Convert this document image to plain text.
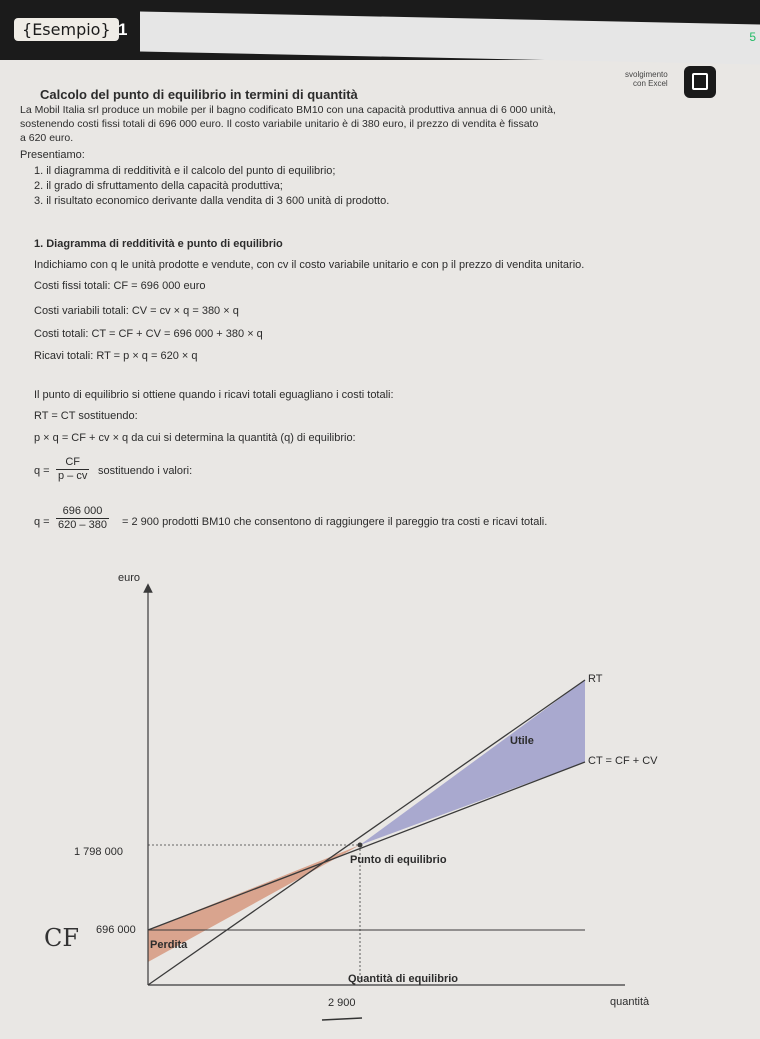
{Esempio} 1	5
svolgimento
con Excel
Calcolo del punto di equilibrio in termini di quantità
La Mobil Italia srl produce un mobile per il bagno codificato BM10 con una capacità produttiva annua di 6 000 unità,
sostenendo costi fissi totali di 696 000 euro. Il costo variabile unitario è di 380 euro, il prezzo di vendita è fissato
a 620 euro.
Presentiamo:
1. il diagramma di redditività e il calcolo del punto di equilibrio;
2. il grado di sfruttamento della capacità produttiva;
3. il risultato economico derivante dalla vendita di 3 600 unità di prodotto.
1. Diagramma di redditività e punto di equilibrio
Indichiamo con q le unità prodotte e vendute, con cv il costo variabile unitario e con p il prezzo di vendita unitario.
Costi fissi totali: CF = 696 000 euro
Costi variabili totali: CV = cv × q = 380 × q
Costi totali: CT = CF + CV = 696 000 + 380 × q
Ricavi totali: RT = p × q = 620 × q
Il punto di equilibrio si ottiene quando i ricavi totali eguagliano i costi totali:
RT = CT sostituendo:
p × q = CF + cv × q da cui si determina la quantità (q) di equilibrio:
$q = \frac{CF}{p - cv}$ sostituendo i valori:
$q = \frac{696 000}{620 - 380} = 2$ 900 prodotti BM10 che consentono di raggiungere il pareggio tra costi e ricavi totali.
euro
quantità
RT
CT = CF + CV
Utile
Perdita
Punto di equilibrio
Quantità di equilibrio
1 798 000
696 000
2 900
CF
